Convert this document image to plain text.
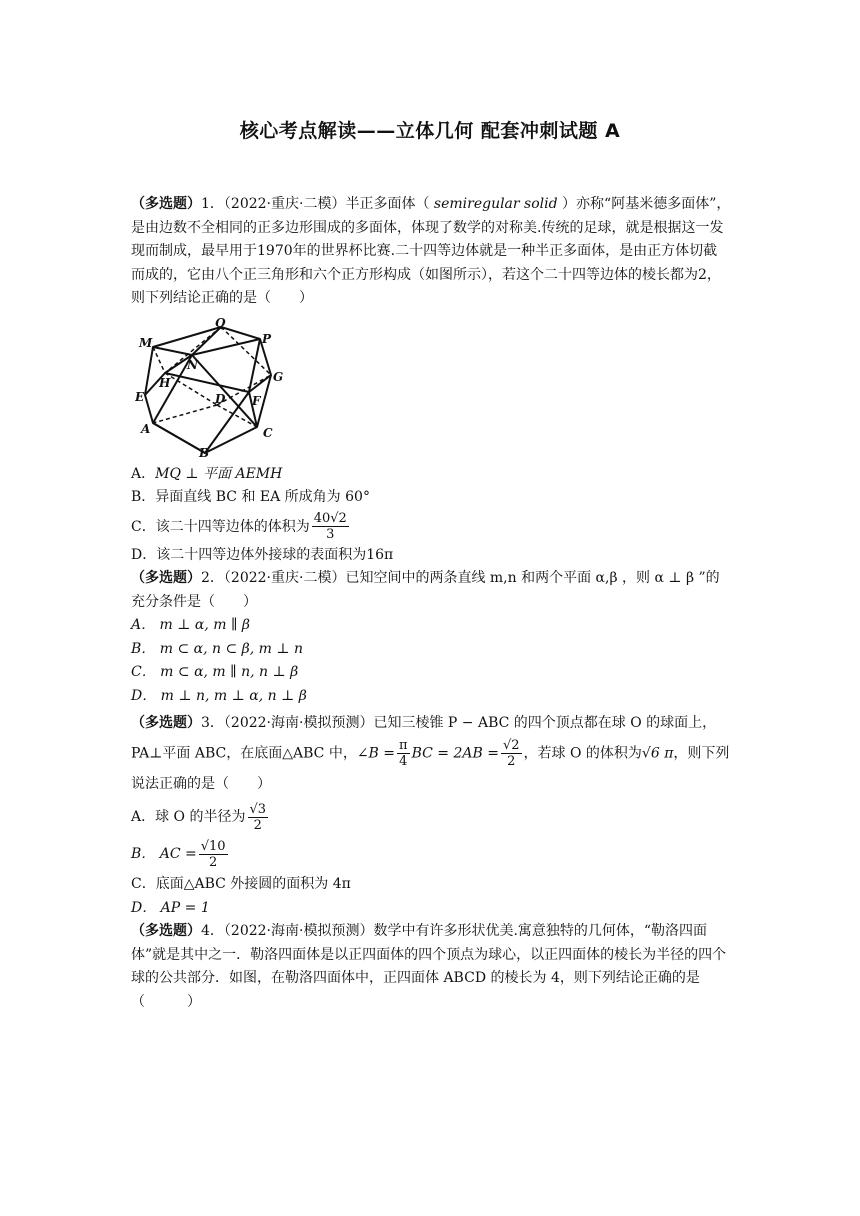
核心考点解读——立体几何 配套冲刺试题 A

（多选题）1．（2022·重庆·二模）半正多面体（ semiregular solid ）亦称“阿基米德多面体”，是由边数不全相同的正多边形围成的多面体，体现了数学的对称美.传统的足球，就是根据这一发现而制成，最早用于1970年的世界杯比赛.二十四等边体就是一种半正多面体，是由正方体切截而成的，它由八个正三角形和六个正方形构成（如图所示），若这个二十四等边体的棱长都为2，则下列结论正确的是（　　）

Q
M
N
P
H	G
E	D F
A	C
B

A．MQ ⊥ 平面 AEMH

B．异面直线 BC 和 EA 所成角为 60°

C．该二十四等边体的体积为 $\frac{40√2}{3}$

D．该二十四等边体外接球的表面积为16π

（多选题）2．（2022·重庆·二模）已知空间中的两条直线 m,n 和两个平面 α,β ，则 α ⊥ β ”的充分条件是（　　）

A． m ⊥ α, m ∥ β

B． m ⊂ α, n ⊂ β, m ⊥ n

C． m ⊂ α, m ∥ n, n ⊥ β

D． m ⊥ n, m ⊥ α, n ⊥ β

（多选题）3．（2022·海南·模拟预测）已知三棱锥 P − ABC 的四个顶点都在球 O 的球面上，PA⊥平面 ABC，在底面△ABC 中，∠B = $\frac{\pi}{4}$ BC = $2AB = \frac{√2}{2}$ ，若球 O 的体积为√6 π，则下列说法正确的是（　　）

A．球 O 的半径为 $\frac{√3}{2}$

B． AC = $\frac{√10}{2}$

C．底面△ABC 外接圆的面积为 4π

D． AP = 1

（多选题）4．（2022·海南·模拟预测）数学中有许多形状优美.寓意独特的几何体，“勒洛四面体”就是其中之一．勒洛四面体是以正四面体的四个顶点为球心，以正四面体的棱长为半径的四个球的公共部分．如图，在勒洛四面体中，正四面体 ABCD 的棱长为 4，则下列结论正确的是（　　　）
